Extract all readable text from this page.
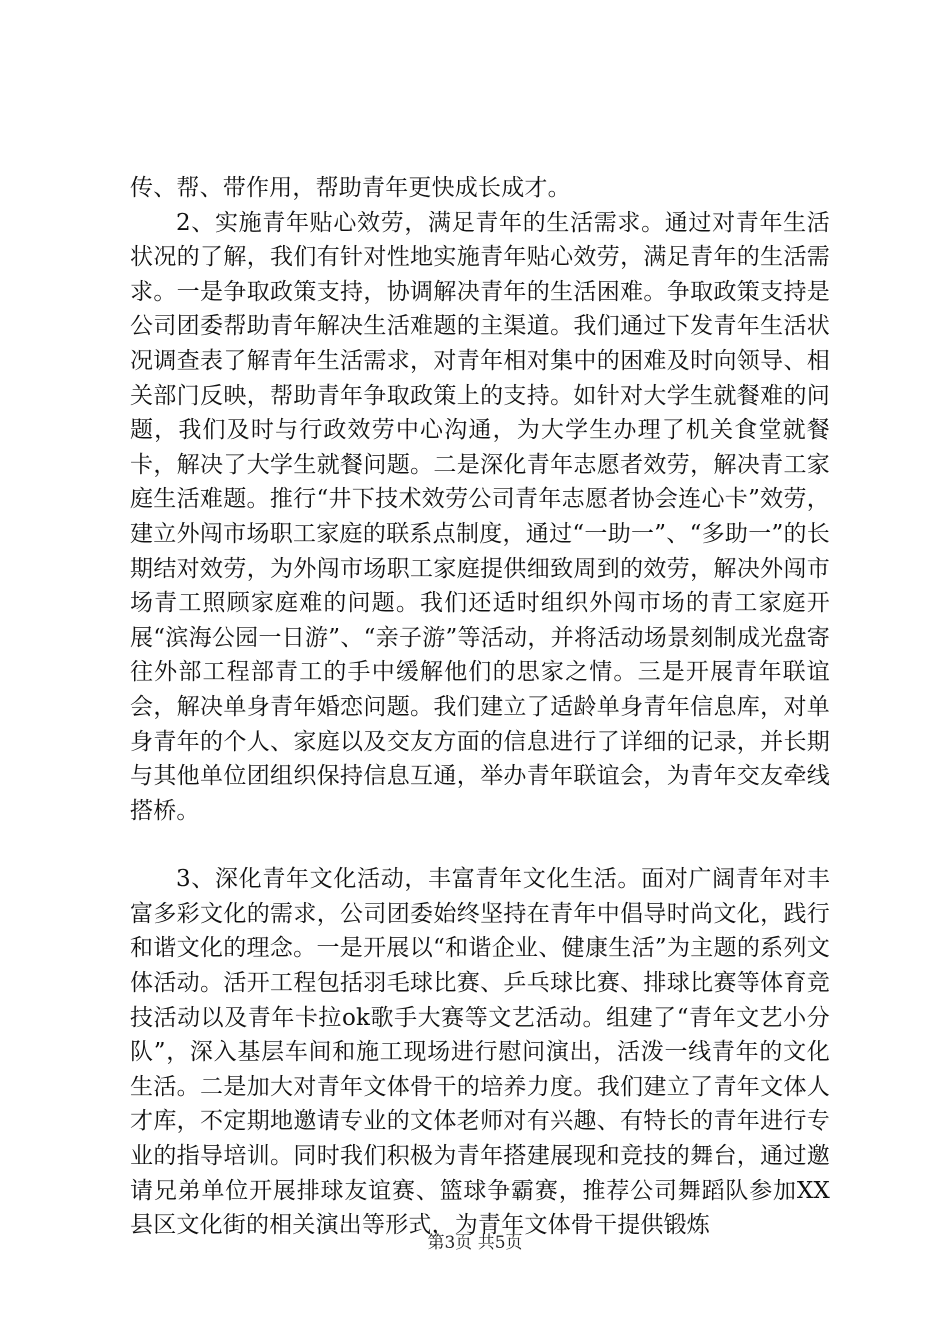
传、帮、带作用，帮助青年更快成长成才。

2、实施青年贴心效劳，满足青年的生活需求。通过对青年生活状况的了解，我们有针对性地实施青年贴心效劳，满足青年的生活需求。一是争取政策支持，协调解决青年的生活困难。争取政策支持是公司团委帮助青年解决生活难题的主渠道。我们通过下发青年生活状况调查表了解青年生活需求，对青年相对集中的困难及时向领导、相关部门反映，帮助青年争取政策上的支持。如针对大学生就餐难的问题，我们及时与行政效劳中心沟通，为大学生办理了机关食堂就餐卡，解决了大学生就餐问题。二是深化青年志愿者效劳，解决青工家庭生活难题。推行“井下技术效劳公司青年志愿者协会连心卡”效劳，建立外闯市场职工家庭的联系点制度，通过“一助一”、“多助一”的长期结对效劳，为外闯市场职工家庭提供细致周到的效劳，解决外闯市场青工照顾家庭难的问题。我们还适时组织外闯市场的青工家庭开展“滨海公园一日游”、“亲子游”等活动，并将活动场景刻制成光盘寄往外部工程部青工的手中缓解他们的思家之情。三是开展青年联谊会，解决单身青年婚恋问题。我们建立了适龄单身青年信息库，对单身青年的个人、家庭以及交友方面的信息进行了详细的记录，并长期与其他单位团组织保持信息互通，举办青年联谊会，为青年交友牵线搭桥。

3、深化青年文化活动，丰富青年文化生活。面对广阔青年对丰富多彩文化的需求，公司团委始终坚持在青年中倡导时尚文化，践行和谐文化的理念。一是开展以“和谐企业、健康生活”为主题的系列文体活动。活开工程包括羽毛球比赛、乒乓球比赛、排球比赛等体育竞技活动以及青年卡拉ok歌手大赛等文艺活动。组建了“青年文艺小分队”，深入基层车间和施工现场进行慰问演出，活泼一线青年的文化生活。二是加大对青年文体骨干的培养力度。我们建立了青年文体人才库，不定期地邀请专业的文体老师对有兴趣、有特长的青年进行专业的指导培训。同时我们积极为青年搭建展现和竞技的舞台，通过邀请兄弟单位开展排球友谊赛、篮球争霸赛，推荐公司舞蹈队参加XX县区文化街的相关演出等形式，为青年文体骨干提供锻炼

第3页 共5页
